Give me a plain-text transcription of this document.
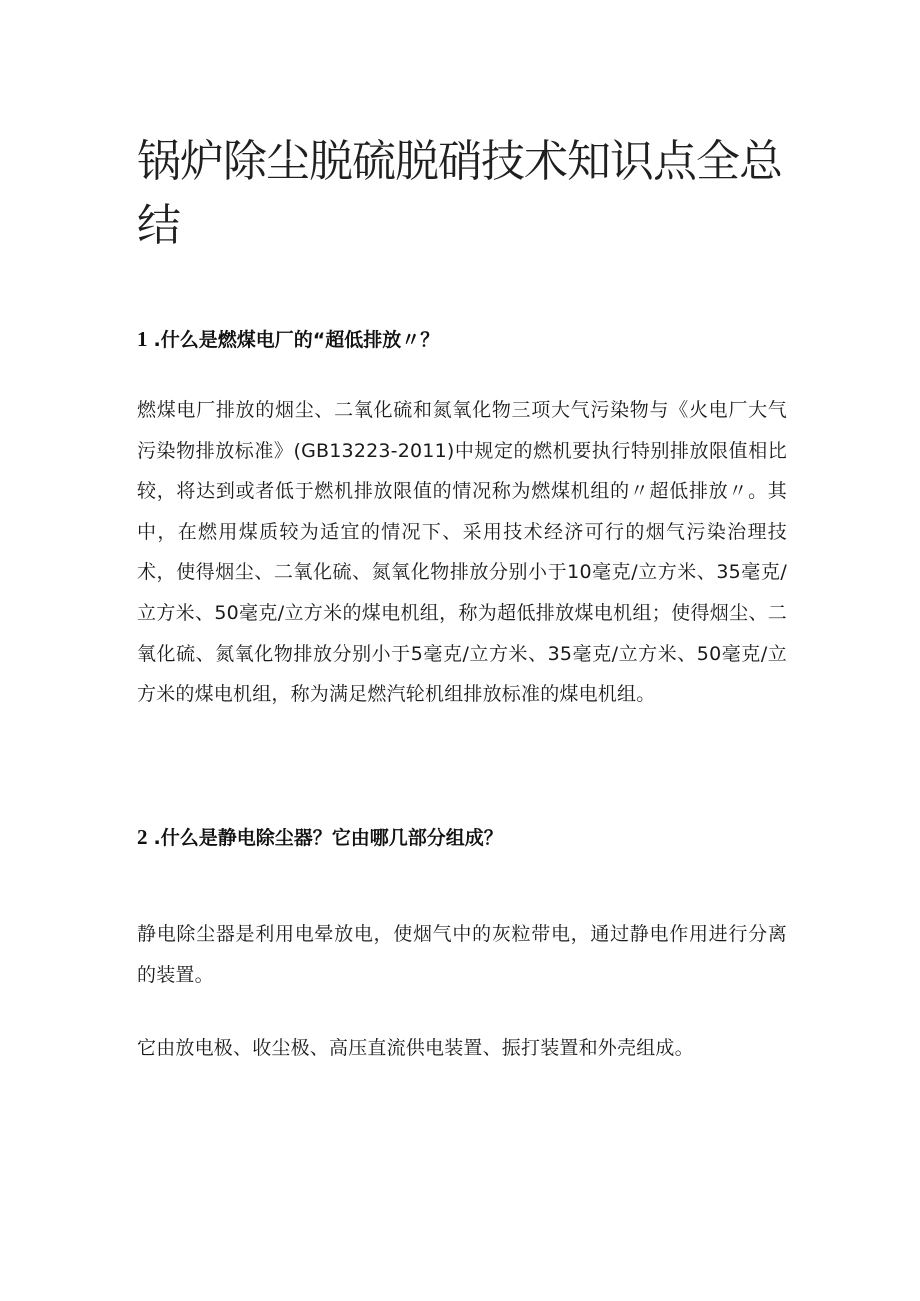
锅炉除尘脱硫脱硝技术知识点全总结
1 .什么是燃煤电厂的“超低排放〃？

燃煤电厂排放的烟尘、二氧化硫和氮氧化物三项大气污染物与《火电厂大气污染物排放标准》(GB13223-2011)中规定的燃机要执行特别排放限值相比较，将达到或者低于燃机排放限值的情况称为燃煤机组的〃超低排放〃。其中，在燃用煤质较为适宜的情况下、采用技术经济可行的烟气污染治理技术，使得烟尘、二氧化硫、氮氧化物排放分别小于10毫克/立方米、35毫克/立方米、50毫克/立方米的煤电机组，称为超低排放煤电机组；使得烟尘、二氧化硫、氮氧化物排放分别小于5毫克/立方米、35毫克/立方米、50毫克/立方米的煤电机组，称为满足燃汽轮机组排放标准的煤电机组。

2 .什么是静电除尘器？它由哪几部分组成？

静电除尘器是利用电晕放电，使烟气中的灰粒带电，通过静电作用进行分离的装置。

它由放电极、收尘极、高压直流供电装置、振打装置和外壳组成。
